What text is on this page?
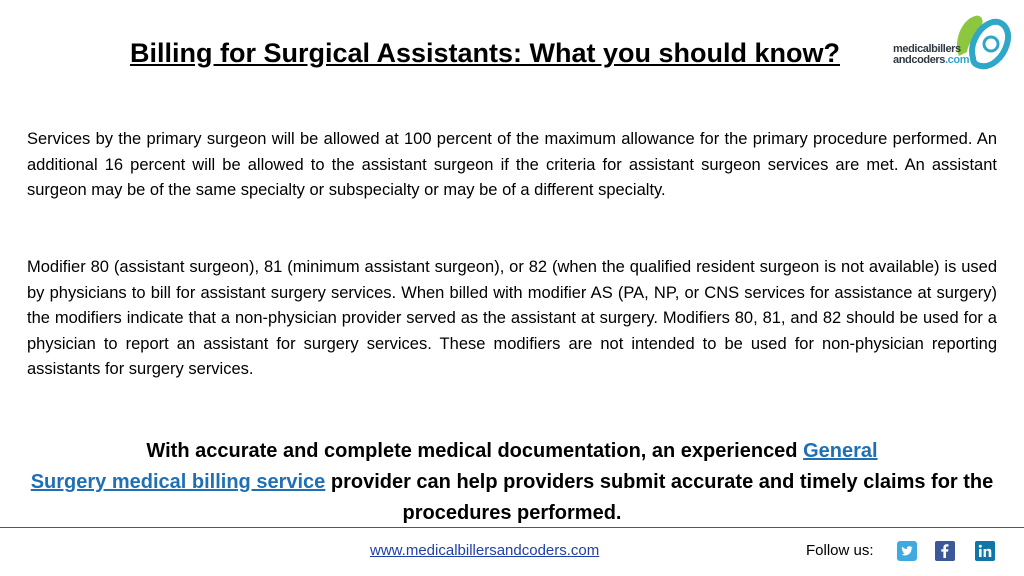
Billing for Surgical Assistants: What you should know?	medicalbillers
andcoders.com

Services by the primary surgeon will be allowed at 100 percent of the maximum allowance for the primary procedure performed. An additional 16 percent will be allowed to the assistant surgeon if the criteria for assistant surgeon services are met. An assistant surgeon may be of the same specialty or subspecialty or may be of a different specialty.

Modifier 80 (assistant surgeon), 81 (minimum assistant surgeon), or 82 (when the qualified resident surgeon is not available) is used by physicians to bill for assistant surgery services. When billed with modifier AS (PA, NP, or CNS services for assistance at surgery) the modifiers indicate that a non-physician provider served as the assistant at surgery. Modifiers 80, 81, and 82 should be used for a physician to report an assistant for surgery services. These modifiers are not intended to be used for non-physician reporting assistants for surgery services.

With accurate and complete medical documentation, an experienced General
Surgery medical billing service provider can help providers submit accurate and timely claims for the procedures performed.
www.medicalbillersandcoders.com	Follow us:
